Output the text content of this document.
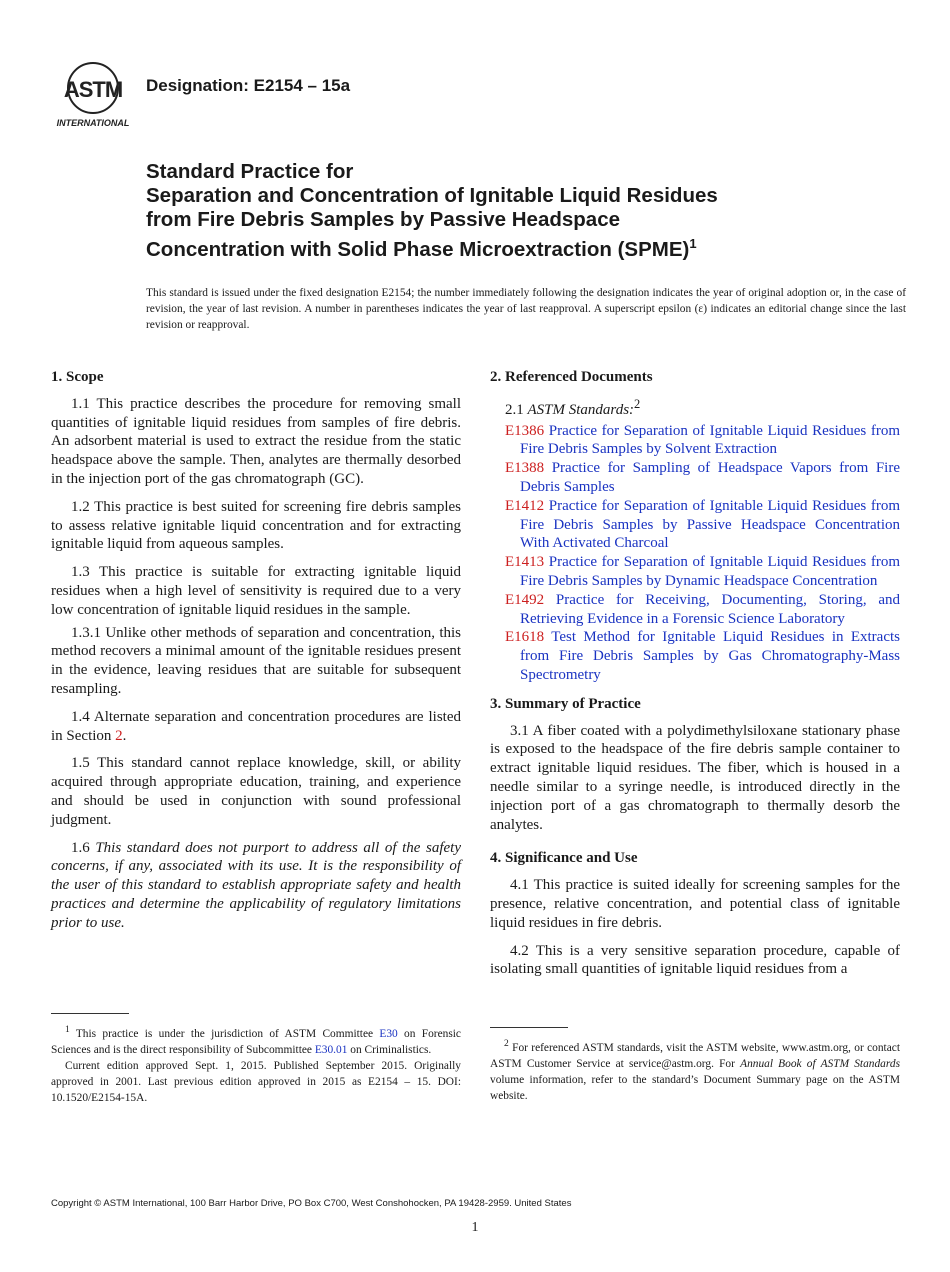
ASTM
INTERNATIONAL
Designation: E2154 – 15a
Standard Practice for
Separation and Concentration of Ignitable Liquid Residues
from Fire Debris Samples by Passive Headspace
Concentration with Solid Phase Microextraction (SPME)$^1$
This standard is issued under the fixed designation E2154; the number immediately following the designation indicates the year of original adoption or, in the case of revision, the year of last revision. A number in parentheses indicates the year of last reapproval. A superscript epsilon (ε) indicates an editorial change since the last revision or reapproval.
1. Scope

1.1 This practice describes the procedure for removing small quantities of ignitable liquid residues from samples of fire debris. An adsorbent material is used to extract the residue from the static headspace above the sample. Then, analytes are thermally desorbed in the injection port of the gas chromatograph (GC).

1.2 This practice is best suited for screening fire debris samples to assess relative ignitable liquid concentration and for extracting ignitable liquid from aqueous samples.

1.3 This practice is suitable for extracting ignitable liquid residues when a high level of sensitivity is required due to a very low concentration of ignitable liquid residues in the sample.

1.3.1 Unlike other methods of separation and concentration, this method recovers a minimal amount of the ignitable residues present in the evidence, leaving residues that are suitable for subsequent resampling.

1.4 Alternate separation and concentration procedures are listed in Section 2.

1.5 This standard cannot replace knowledge, skill, or ability acquired through appropriate education, training, and experience and should be used in conjunction with sound professional judgment.

1.6 This standard does not purport to address all of the safety concerns, if any, associated with its use. It is the responsibility of the user of this standard to establish appropriate safety and health practices and determine the applicability of regulatory limitations prior to use.

2. Referenced Documents
2.1 ASTM Standards:$^2$
E1386 Practice for Separation of Ignitable Liquid Residues from Fire Debris Samples by Solvent Extraction
E1388 Practice for Sampling of Headspace Vapors from Fire Debris Samples
E1412 Practice for Separation of Ignitable Liquid Residues from Fire Debris Samples by Passive Headspace Concentration With Activated Charcoal
E1413 Practice for Separation of Ignitable Liquid Residues from Fire Debris Samples by Dynamic Headspace Concentration
E1492 Practice for Receiving, Documenting, Storing, and Retrieving Evidence in a Forensic Science Laboratory
E1618 Test Method for Ignitable Liquid Residues in Extracts from Fire Debris Samples by Gas Chromatography-Mass Spectrometry
3. Summary of Practice

3.1 A fiber coated with a polydimethylsiloxane stationary phase is exposed to the headspace of the fire debris sample container to extract ignitable liquid residues. The fiber, which is housed in a needle similar to a syringe needle, is introduced directly in the injection port of a gas chromatograph to thermally desorb the analytes.

4. Significance and Use

4.1 This practice is suited ideally for screening samples for the presence, relative concentration, and potential class of ignitable liquid residues in fire debris.

4.2 This is a very sensitive separation procedure, capable of isolating small quantities of ignitable liquid residues from a

$^1$ This practice is under the jurisdiction of ASTM Committee E30 on Forensic Sciences and is the direct responsibility of Subcommittee E30.01 on Criminalistics.

Current edition approved Sept. 1, 2015. Published September 2015. Originally approved in 2001. Last previous edition approved in 2015 as E2154 – 15. DOI: 10.1520/E2154-15A.

$^2$ For referenced ASTM standards, visit the ASTM website, www.astm.org, or contact ASTM Customer Service at service@astm.org. For Annual Book of ASTM Standards volume information, refer to the standard’s Document Summary page on the ASTM website.

Copyright © ASTM International, 100 Barr Harbor Drive, PO Box C700, West Conshohocken, PA 19428-2959. United States
1
